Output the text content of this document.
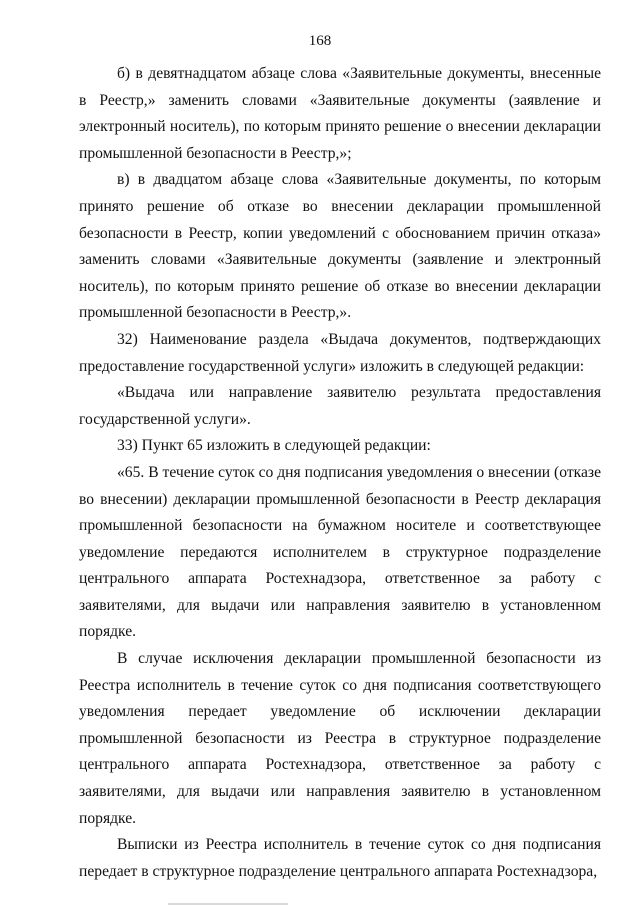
168

б) в девятнадцатом абзаце слова «Заявительные документы, внесенные в Реестр,» заменить словами «Заявительные документы (заявление и электронный носитель), по которым принято решение о внесении декларации промышленной безопасности в Реестр,»;

в) в двадцатом абзаце слова «Заявительные документы, по которым принято решение об отказе во внесении декларации промышленной безопасности в Реестр, копии уведомлений с обоснованием причин отказа» заменить словами «Заявительные документы (заявление и электронный носитель), по которым принято решение об отказе во внесении декларации промышленной безопасности в Реестр,».

32) Наименование раздела «Выдача документов, подтверждающих предоставление государственной услуги» изложить в следующей редакции:

«Выдача или направление заявителю результата предоставления государственной услуги».

33) Пункт 65 изложить в следующей редакции:

«65. В течение суток со дня подписания уведомления о внесении (отказе во внесении) декларации промышленной безопасности в Реестр декларация промышленной безопасности на бумажном носителе и соответствующее уведомление передаются исполнителем в структурное подразделение центрального аппарата Ростехнадзора, ответственное за работу с заявителями, для выдачи или направления заявителю в установленном порядке.

В случае исключения декларации промышленной безопасности из Реестра исполнитель в течение суток со дня подписания соответствующего уведомления передает уведомление об исключении декларации промышленной безопасности из Реестра в структурное подразделение центрального аппарата Ростехнадзора, ответственное за работу с заявителями, для выдачи или направления заявителю в установленном порядке.

Выписки из Реестра исполнитель в течение суток со дня подписания передает в структурное подразделение центрального аппарата Ростехнадзора,
